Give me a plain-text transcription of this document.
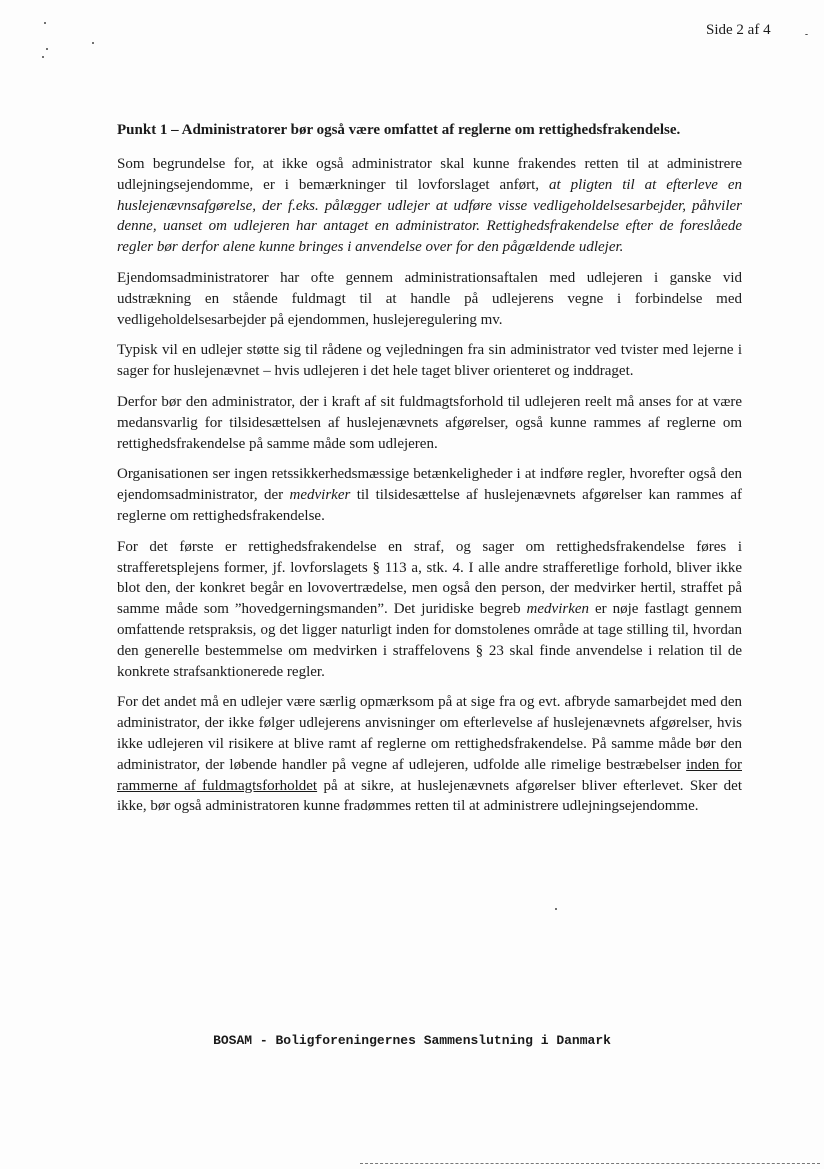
Side 2 af 4
Punkt 1 – Administratorer bør også være omfattet af reglerne om rettighedsfrakendelse.

Som begrundelse for, at ikke også administrator skal kunne frakendes retten til at administrere udlejningsejendomme, er i bemærkninger til lovforslaget anført, at pligten til at efterleve en huslejenævnsafgørelse, der f.eks. pålægger udlejer at udføre visse vedligeholdelsesarbejder, påhviler denne, uanset om udlejeren har antaget en administrator. Rettighedsfrakendelse efter de foreslåede regler bør derfor alene kunne bringes i anvendelse over for den pågældende udlejer.

Ejendomsadministratorer har ofte gennem administrationsaftalen med udlejeren i ganske vid udstrækning en stående fuldmagt til at handle på udlejerens vegne i forbindelse med vedligeholdelsesarbejder på ejendommen, huslejeregulering mv.

Typisk vil en udlejer støtte sig til rådene og vejledningen fra sin administrator ved tvister med lejerne i sager for huslejenævnet – hvis udlejeren i det hele taget bliver orienteret og inddraget.

Derfor bør den administrator, der i kraft af sit fuldmagtsforhold til udlejeren reelt må anses for at være medansvarlig for tilsidesættelsen af huslejenævnets afgørelser, også kunne rammes af reglerne om rettighedsfrakendelse på samme måde som udlejeren.

Organisationen ser ingen retssikkerhedsmæssige betænkeligheder i at indføre regler, hvorefter også den ejendomsadministrator, der medvirker til tilsidesættelse af huslejenævnets afgørelser kan rammes af reglerne om rettighedsfrakendelse.

For det første er rettighedsfrakendelse en straf, og sager om rettighedsfrakendelse føres i strafferetsplejens former, jf. lovforslagets § 113 a, stk. 4. I alle andre strafferetlige forhold, bliver ikke blot den, der konkret begår en lovovertrædelse, men også den person, der medvirker hertil, straffet på samme måde som ”hovedgerningsmanden”. Det juridiske begreb medvirken er nøje fastlagt gennem omfattende retspraksis, og det ligger naturligt inden for domstolenes område at tage stilling til, hvordan den generelle bestemmelse om medvirken i straffelovens § 23 skal finde anvendelse i relation til de konkrete strafsanktionerede regler.

For det andet må en udlejer være særlig opmærksom på at sige fra og evt. afbryde samarbejdet med den administrator, der ikke følger udlejerens anvisninger om efterlevelse af huslejenævnets afgørelser, hvis ikke udlejeren vil risikere at blive ramt af reglerne om rettighedsfrakendelse. På samme måde bør den administrator, der løbende handler på vegne af udlejeren, udfolde alle rimelige bestræbelser inden for rammerne af fuldmagtsforholdet på at sikre, at huslejenævnets afgørelser bliver efterlevet. Sker det ikke, bør også administratoren kunne fradømmes retten til at administrere udlejningsejendomme.

BOSAM - Boligforeningernes Sammenslutning i Danmark
